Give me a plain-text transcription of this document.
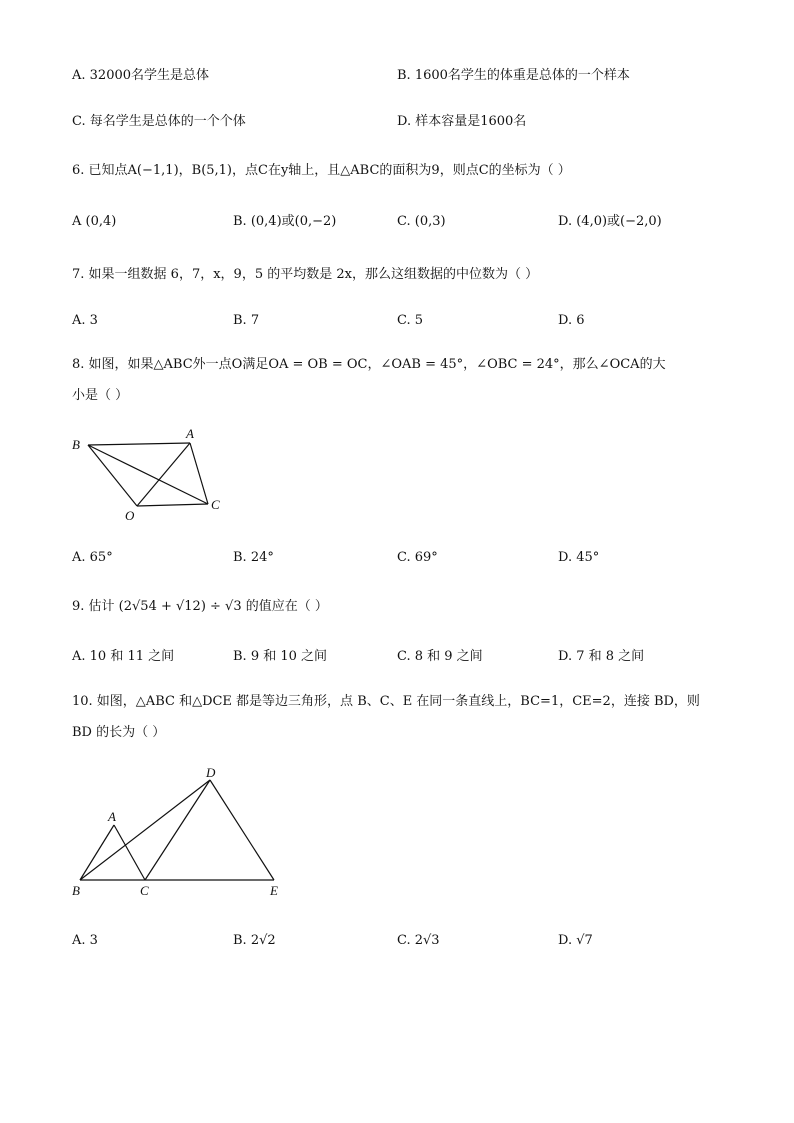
A. 32000名学生是总体	B. 1600名学生的体重是总体的一个样本
C. 每名学生是总体的一个个体	D. 样本容量是1600名
6. 已知点A(−1,1)，B(5,1)，点C在y轴上，且△ABC的面积为9，则点C的坐标为（ ）
A (0,4)	B. (0,4)或(0,−2)	C. (0,3)	D. (4,0)或(−2,0)
7. 如果一组数据 6，7，x，9，5 的平均数是 2x，那么这组数据的中位数为（ ）
A. 3	B. 7	C. 5	D. 6
8. 如图，如果△ABC外一点O满足OA = OB = OC，∠OAB = 45°，∠OBC = 24°，那么∠OCA的大
小是（ ）
B
A
C
O
A. 65°	B. 24°	C. 69°	D. 45°
9. 估计 (2√54 + √12) ÷ √3 的值应在（ ）
A. 10 和 11 之间	B. 9 和 10 之间	C. 8 和 9 之间	D. 7 和 8 之间
10. 如图，△ABC 和△DCE 都是等边三角形，点 B、C、E 在同一条直线上，BC=1，CE=2，连接 BD，则
BD 的长为（ ）
D
A
B	C	E
A. 3	B. 2√2	C. 2√3	D. √7
